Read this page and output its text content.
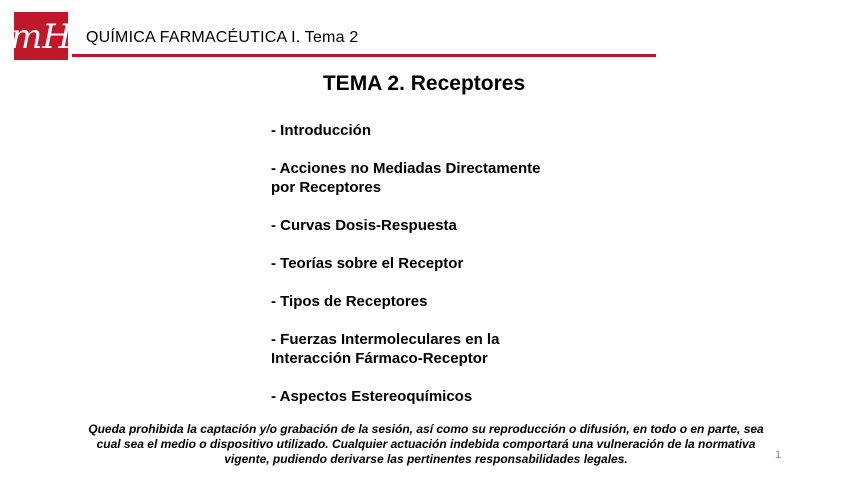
mH QUÍMICA FARMACÉUTICA I. Tema 2
TEMA 2. Receptores
- Introducción
- Acciones no Mediadas Directamente
por Receptores
- Curvas Dosis-Respuesta
- Teorías sobre el Receptor
- Tipos de Receptores
- Fuerzas Intermoleculares en la
Interacción Fármaco-Receptor
- Aspectos Estereoquímicos
Queda prohibida la captación y/o grabación de la sesión, así como su reproducción o difusión, en todo o en parte, sea cual sea el medio o dispositivo utilizado. Cualquier actuación indebida comportará una vulneración de la normativa vigente, pudiendo derivarse las pertinentes responsabilidades legales.	1
